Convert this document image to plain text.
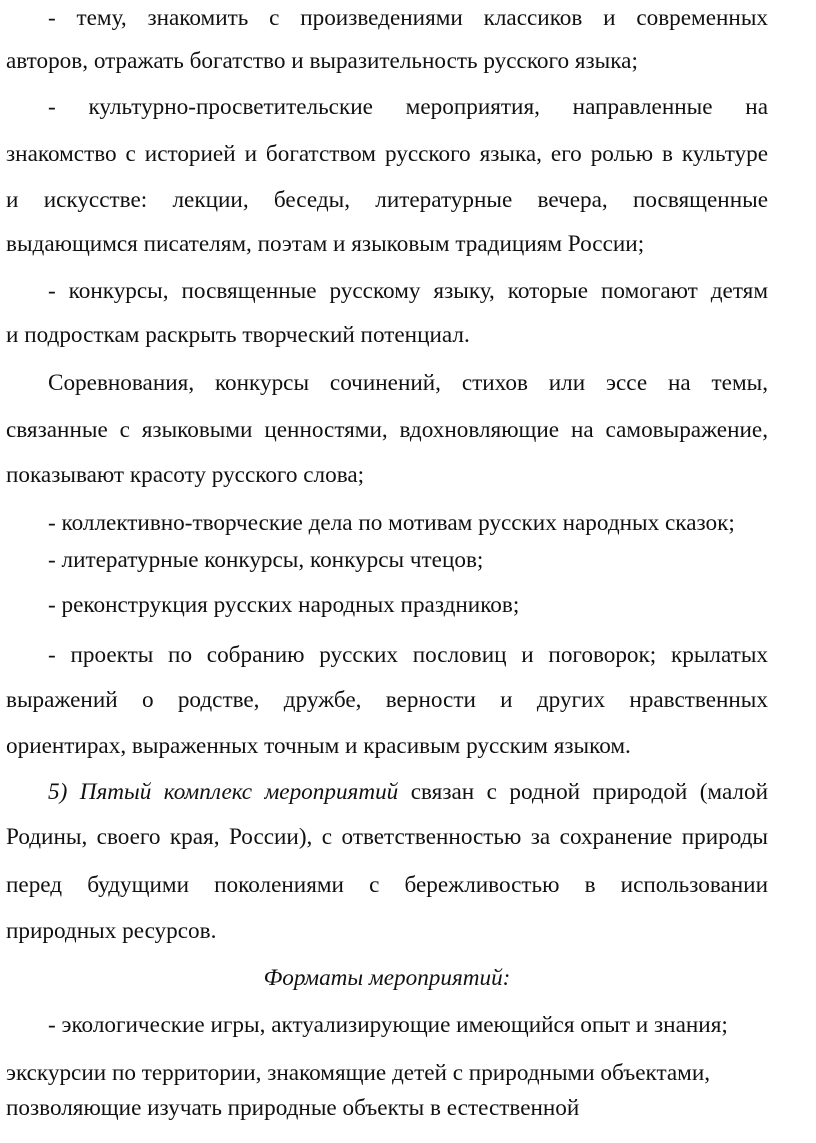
- тему, знакомить с произведениями классиков и современных
авторов, отражать богатство и выразительность русского языка;
- культурно-просветительские мероприятия, направленные на
знакомство с историей и богатством русского языка, его ролью в культуре
и искусстве: лекции, беседы, литературные вечера, посвященные
выдающимся писателям, поэтам и языковым традициям России;
- конкурсы, посвященные русскому языку, которые помогают детям
и подросткам раскрыть творческий потенциал.
Соревнования, конкурсы сочинений, стихов или эссе на темы,
связанные с языковыми ценностями, вдохновляющие на самовыражение,
показывают красоту русского слова;
- коллективно-творческие дела по мотивам русских народных сказок;
- литературные конкурсы, конкурсы чтецов;
- реконструкция русских народных праздников;
- проекты по собранию русских пословиц и поговорок; крылатых
выражений о родстве, дружбе, верности и других нравственных
ориентирах, выраженных точным и красивым русским языком.
5) Пятый комплекс мероприятий связан с родной природой (малой
Родины, своего края, России), с ответственностью за сохранение природы
перед будущими поколениями с бережливостью в использовании
природных ресурсов.
Форматы мероприятий:
- экологические игры, актуализирующие имеющийся опыт и знания;
экскурсии по территории, знакомящие детей с природными объектами,
позволяющие изучать природные объекты в естественной
